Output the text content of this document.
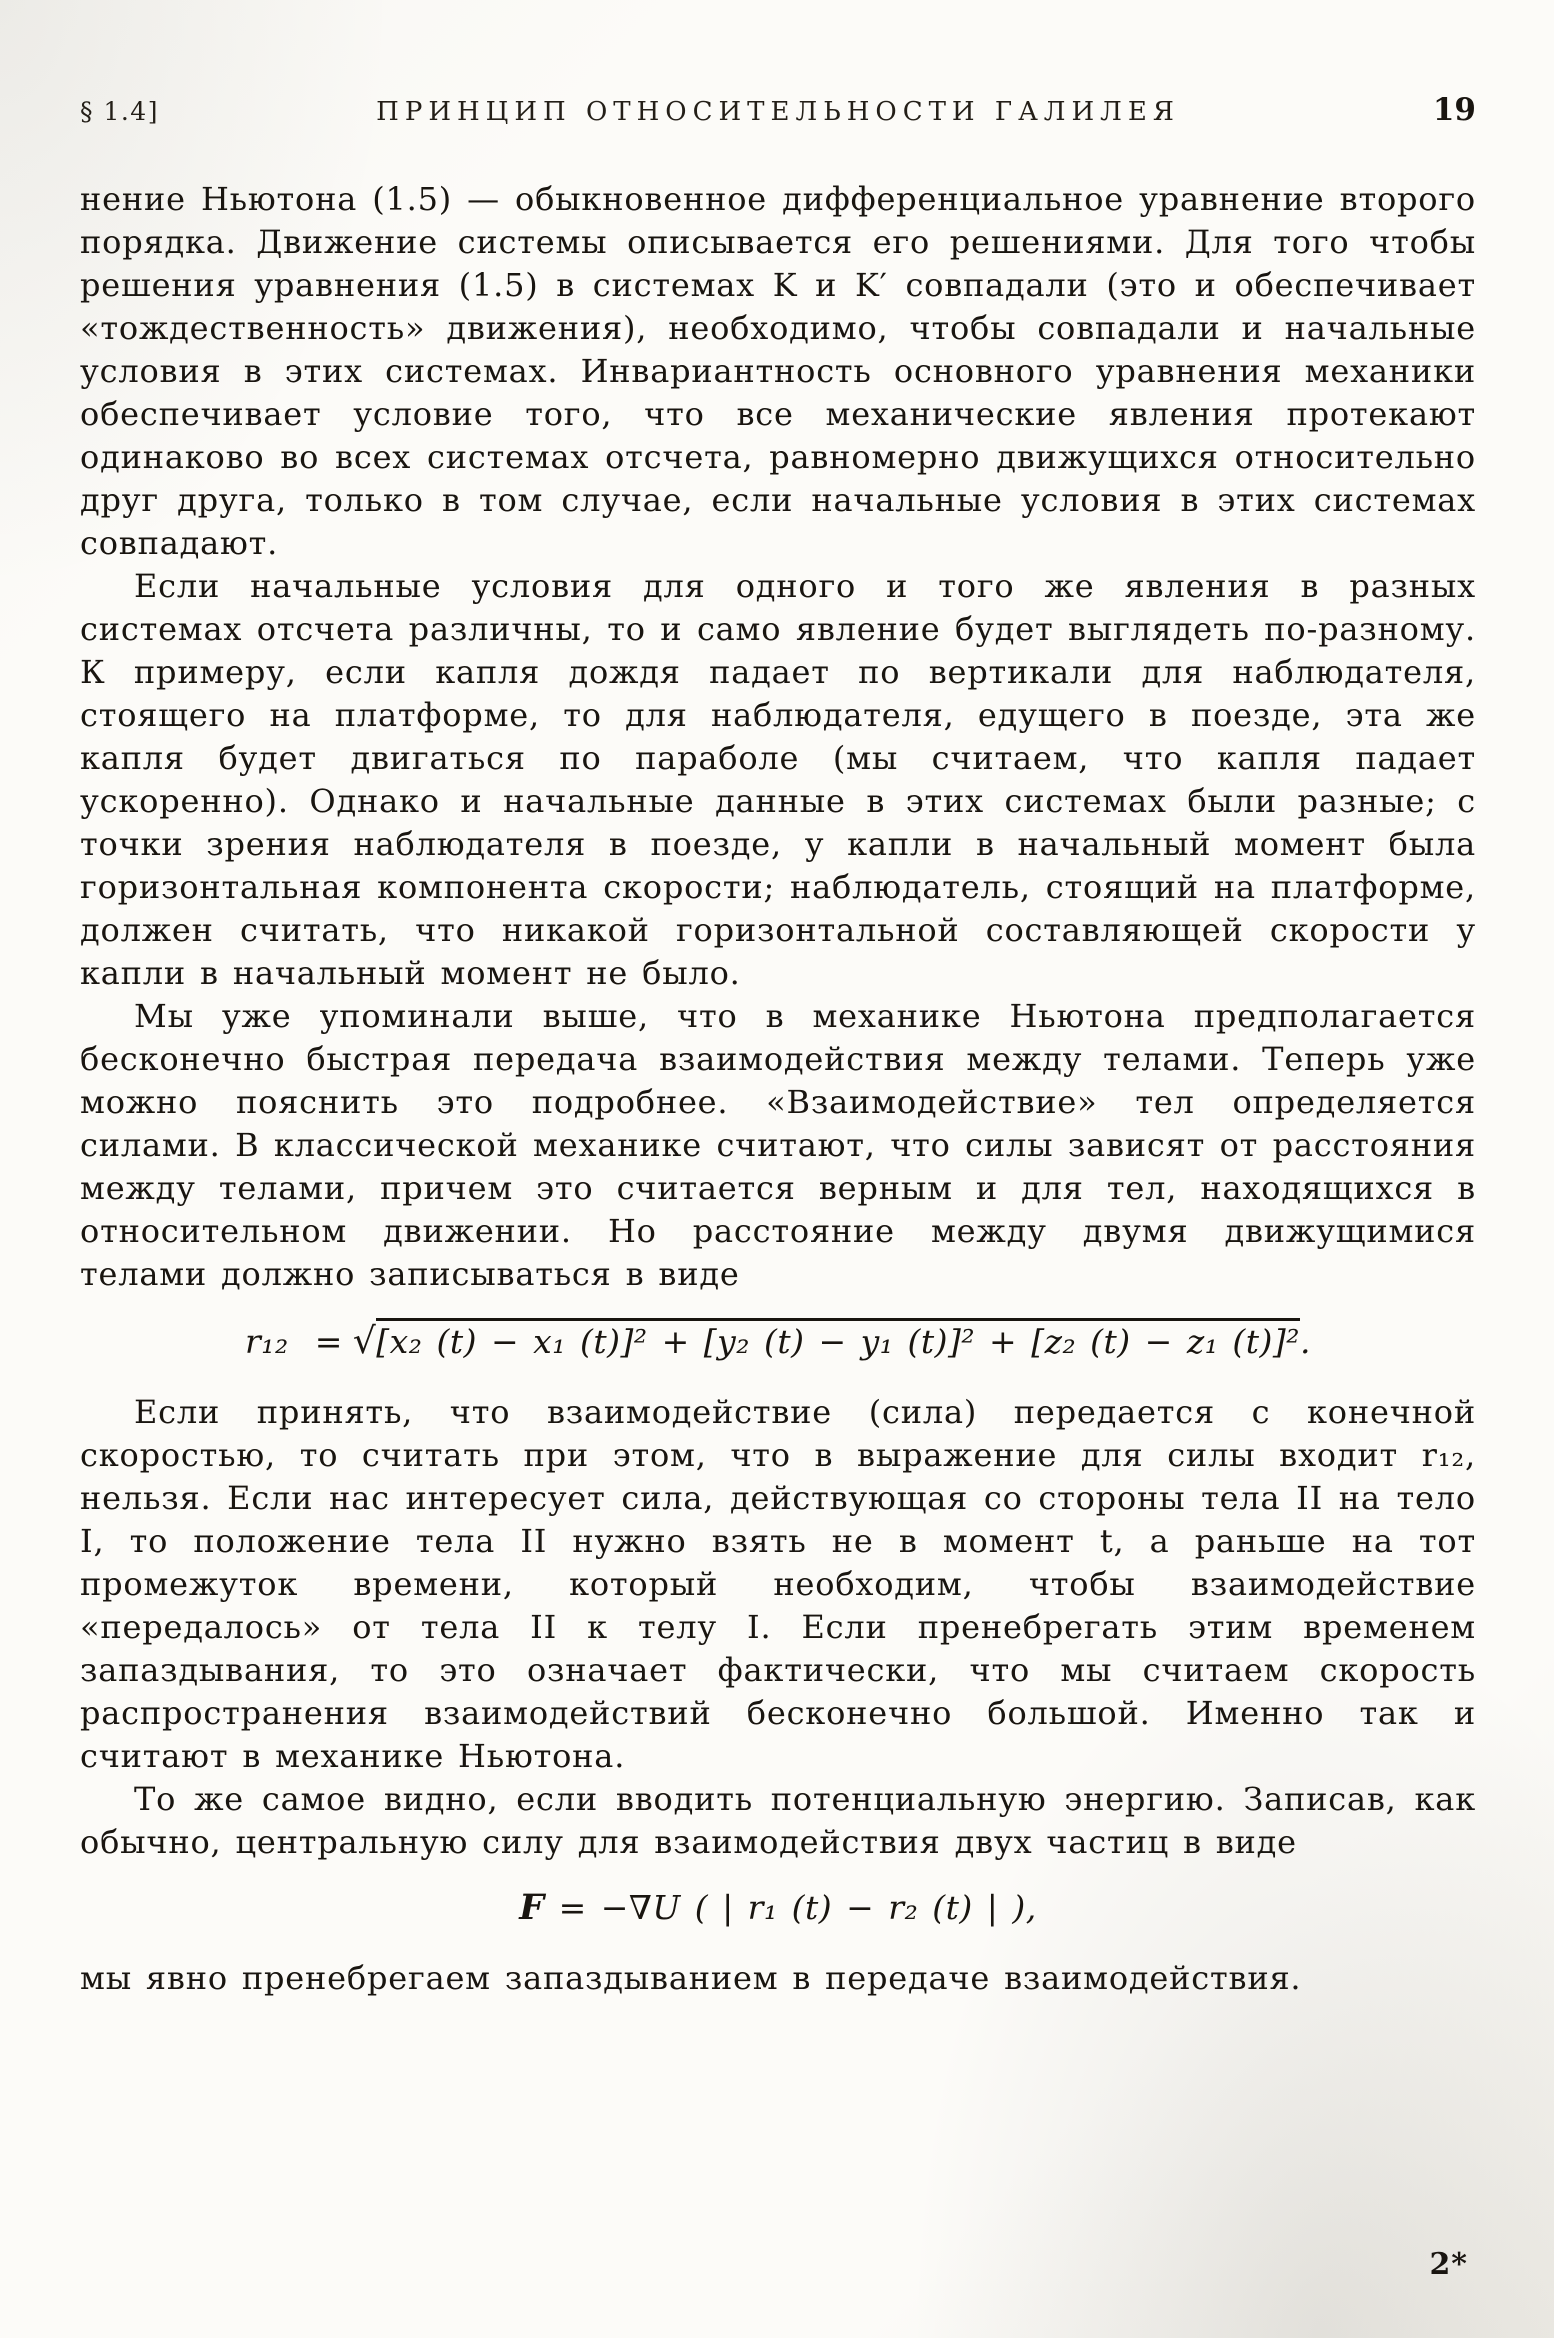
§ 1.4]	ПРИНЦИП ОТНОСИТЕЛЬНОСТИ ГАЛИЛЕЯ	19

нение Ньютона (1.5) — обыкновенное дифференциальное уравнение второго порядка. Движение системы описывается его решениями. Для того чтобы решения уравнения (1.5) в системах K и K′ совпадали (это и обеспечивает «тождественность» движения), необходимо, чтобы совпадали и начальные условия в этих системах. Инвариантность основного уравнения механики обеспечивает условие того, что все механические явления протекают одинаково во всех системах отсчета, равномерно движущихся относительно друг друга, только в том случае, если начальные условия в этих системах совпадают.

Если начальные условия для одного и того же явления в разных системах отсчета различны, то и само явление будет выглядеть по-разному. К примеру, если капля дождя падает по вертикали для наблюдателя, стоящего на платформе, то для наблюдателя, едущего в поезде, эта же капля будет двигаться по параболе (мы считаем, что капля падает ускоренно). Однако и начальные данные в этих системах были разные; с точки зрения наблюдателя в поезде, у капли в начальный момент была горизонтальная компонента скорости; наблюдатель, стоящий на платформе, должен считать, что никакой горизонтальной составляющей скорости у капли в начальный момент не было.

Мы уже упоминали выше, что в механике Ньютона предполагается бесконечно быстрая передача взаимодействия между телами. Теперь уже можно пояснить это подробнее. «Взаимодействие» тел определяется силами. В классической механике считают, что силы зависят от расстояния между телами, причем это считается верным и для тел, находящихся в относительном движении. Но расстояние между двумя движущимися телами должно записываться в виде

r₁₂ = √[x₂ (t) − x₁ (t)]² + [y₂ (t) − y₁ (t)]² + [z₂ (t) − z₁ (t)]².

Если принять, что взаимодействие (сила) передается с конечной скоростью, то считать при этом, что в выражение для силы входит r₁₂, нельзя. Если нас интересует сила, действующая со стороны тела II на тело I, то положение тела II нужно взять не в момент t, а раньше на тот промежуток времени, который необходим, чтобы взаимодействие «передалось» от тела II к телу I. Если пренебрегать этим временем запаздывания, то это означает фактически, что мы считаем скорость распространения взаимодействий бесконечно большой. Именно так и считают в механике Ньютона.

То же самое видно, если вводить потенциальную энергию. Записав, как обычно, центральную силу для взаимодействия двух частиц в виде

F = −∇U ( | r₁ (t) − r₂ (t) | ),

мы явно пренебрегаем запаздыванием в передаче взаимодействия.

2*
